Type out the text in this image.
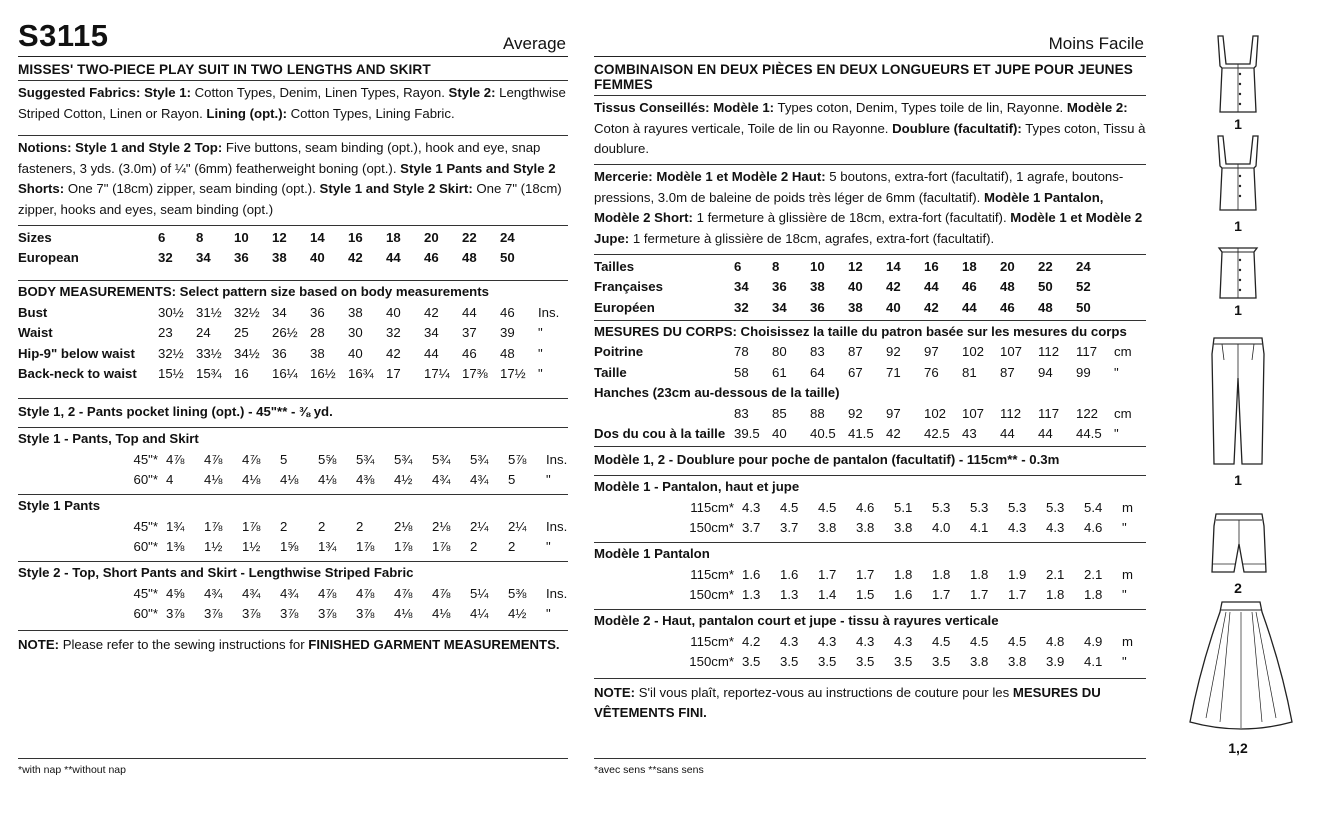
S3115	Average
MISSES' TWO-PIECE PLAY SUIT IN TWO LENGTHS AND SKIRT
Suggested Fabrics: Style 1: Cotton Types, Denim, Linen Types, Rayon. Style 2: Lengthwise Striped Cotton, Linen or Rayon. Lining (opt.): Cotton Types, Lining Fabric.
Notions: Style 1 and Style 2 Top: Five buttons, seam binding (opt.), hook and eye, snap fasteners, 3 yds. (3.0m) of ¼" (6mm) featherweight boning (opt.). Style 1 Pants and Style 2 Shorts: One 7" (18cm) zipper, seam binding (opt.). Style 1 and Style 2 Skirt: One 7" (18cm) zipper, hooks and eyes, seam binding (opt.)
Sizes	6	8	10	12	14	16	18	20	22	24	
European	32	34	36	38	40	42	44	46	48	50	
BODY MEASUREMENTS: Select pattern size based on body measurements
Bust	30½	31½	32½	34	36	38	40	42	44	46	Ins.
Waist	23	24	25	26½	28	30	32	34	37	39	"
Hip-9" below waist	32½	33½	34½	36	38	40	42	44	46	48	"
Back-neck to waist	15½	15¾	16	16¼	16½	16¾	17	17¼	17⅜	17½	"
Style 1, 2 - Pants pocket lining (opt.) - 45"** - ⅜ yd.
Style 1 - Pants, Top and Skirt
45"*	4⅞	4⅞	4⅞	5	5⅝	5¾	5¾	5¾	5¾	5⅞	Ins.
60"*	4	4⅛	4⅛	4⅛	4⅛	4⅜	4½	4¾	4¾	5	"
Style 1 Pants
45"*	1¾	1⅞	1⅞	2	2	2	2⅛	2⅛	2¼	2¼	Ins.
60"*	1⅜	1½	1½	1⅝	1¾	1⅞	1⅞	1⅞	2	2	"
Style 2 - Top, Short Pants and Skirt - Lengthwise Striped Fabric
45"*	4⅝	4¾	4¾	4¾	4⅞	4⅞	4⅞	4⅞	5¼	5⅜	Ins.
60"*	3⅞	3⅞	3⅞	3⅞	3⅞	3⅞	4⅛	4⅛	4¼	4½	"
NOTE: Please refer to the sewing instructions for FINISHED GARMENT MEASUREMENTS.
*with nap **without nap
Moins Facile
COMBINAISON EN DEUX PIÈCES EN DEUX LONGUEURS ET JUPE POUR JEUNES FEMMES
Tissus Conseillés: Modèle 1: Types coton, Denim, Types toile de lin, Rayonne. Modèle 2: Coton à rayures verticale, Toile de lin ou Rayonne. Doublure (facultatif): Types coton, Tissu à doublure.
Mercerie: Modèle 1 et Modèle 2 Haut: 5 boutons, extra-fort (facultatif), 1 agrafe, boutons-pressions, 3.0m de baleine de poids très léger de 6mm (facultatif). Modèle 1 Pantalon, Modèle 2 Short: 1 fermeture à glissière de 18cm, extra-fort (facultatif). Modèle 1 et Modèle 2 Jupe: 1 fermeture à glissière de 18cm, agrafes, extra-fort (facultatif).
Tailles	6	8	10	12	14	16	18	20	22	24	
Françaises	34	36	38	40	42	44	46	48	50	52	
Européen	32	34	36	38	40	42	44	46	48	50	
MESURES DU CORPS: Choisissez la taille du patron basée sur les mesures du corps
Poitrine	78	80	83	87	92	97	102	107	112	117	cm
Taille	58	61	64	67	71	76	81	87	94	99	"
Hanches (23cm au-dessous de la taille)											
	83	85	88	92	97	102	107	112	117	122	cm
Dos du cou à la taille	39.5	40	40.5	41.5	42	42.5	43	44	44	44.5	"
Modèle 1, 2 - Doublure pour poche de pantalon (facultatif) - 115cm** - 0.3m
Modèle 1 - Pantalon, haut et jupe
115cm*	4.3	4.5	4.5	4.6	5.1	5.3	5.3	5.3	5.3	5.4	m
150cm*	3.7	3.7	3.8	3.8	3.8	4.0	4.1	4.3	4.3	4.6	"
Modèle 1 Pantalon
115cm*	1.6	1.6	1.7	1.7	1.8	1.8	1.8	1.9	2.1	2.1	m
150cm*	1.3	1.3	1.4	1.5	1.6	1.7	1.7	1.7	1.8	1.8	"
Modèle 2 - Haut, pantalon court et jupe - tissu à rayures verticale
115cm*	4.2	4.3	4.3	4.3	4.3	4.5	4.5	4.5	4.8	4.9	m
150cm*	3.5	3.5	3.5	3.5	3.5	3.5	3.8	3.8	3.9	4.1	"
NOTE: S'il vous plaît, reportez-vous au instructions de couture pour les MESURES DU VÊTEMENTS FINI.
*avec sens **sans sens
1
1
1
1
2
1,2
